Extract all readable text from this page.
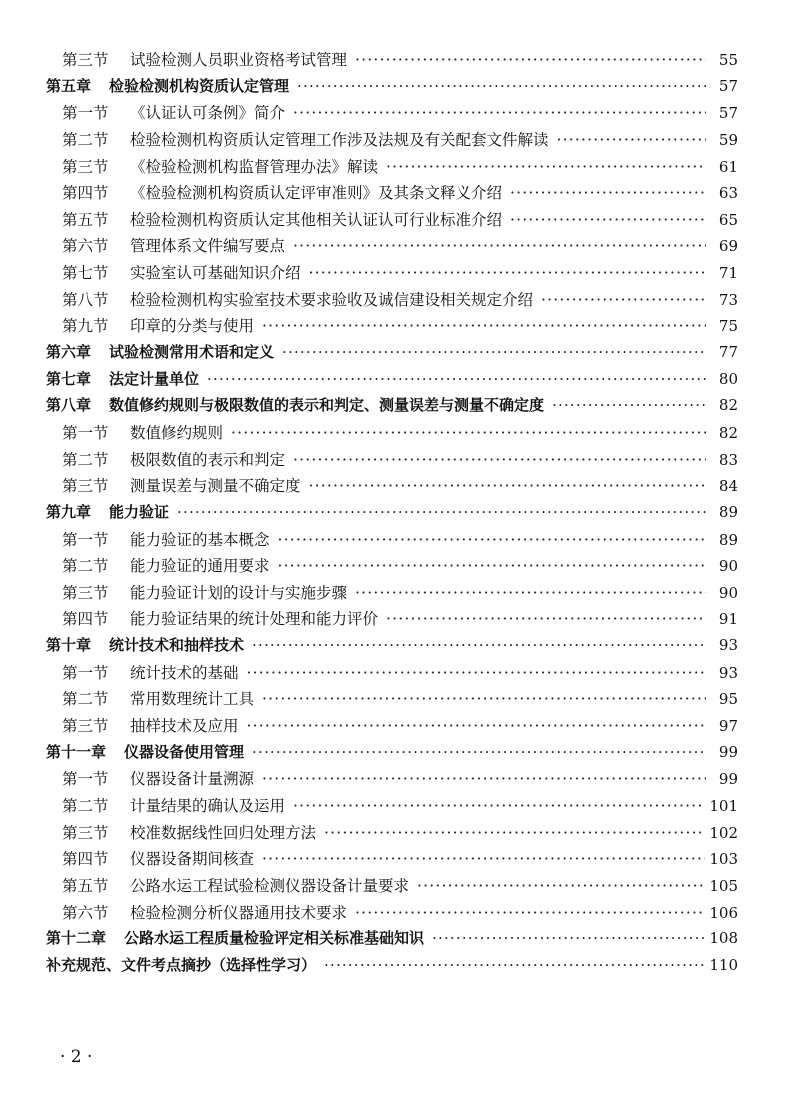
第三节	试验检测人员职业资格考试管理 ·····	55
第五章 检验检测机构资质认定管理 ·····	57
第一节	《认证认可条例》简介 ·····	57
第二节	检验检测机构资质认定管理工作涉及法规及有关配套文件解读 ·····	59
第三节	《检验检测机构监督管理办法》解读 ·····	61
第四节	《检验检测机构资质认定评审准则》及其条文释义介绍 ·····	63
第五节	检验检测机构资质认定其他相关认证认可行业标准介绍 ·····	65
第六节	管理体系文件编写要点 ·····	69
第七节	实验室认可基础知识介绍 ·····	71
第八节	检验检测机构实验室技术要求验收及诚信建设相关规定介绍 ·····	73
第九节	印章的分类与使用 ·····	75
第六章 试验检测常用术语和定义 ·····	77
第七章 法定计量单位 ·····	80
第八章 数值修约规则与极限数值的表示和判定、测量误差与测量不确定度 ·····	82
第一节	数值修约规则 ·····	82
第二节	极限数值的表示和判定 ·····	83
第三节	测量误差与测量不确定度 ·····	84
第九章 能力验证 ·····	89
第一节	能力验证的基本概念 ·····	89
第二节	能力验证的通用要求 ·····	90
第三节	能力验证计划的设计与实施步骤 ·····	90
第四节	能力验证结果的统计处理和能力评价 ·····	91
第十章 统计技术和抽样技术 ·····	93
第一节	统计技术的基础 ·····	93
第二节	常用数理统计工具 ·····	95
第三节	抽样技术及应用 ·····	97
第十一章 仪器设备使用管理 ·····	99
第一节	仪器设备计量溯源 ·····	99
第二节	计量结果的确认及运用 ·····	101
第三节	校准数据线性回归处理方法 ·····	102
第四节	仪器设备期间核查 ·····	103
第五节	公路水运工程试验检测仪器设备计量要求 ·····	105
第六节	检验检测分析仪器通用技术要求 ·····	106
第十二章 公路水运工程质量检验评定相关标准基础知识 ·····	108
补充规范、文件考点摘抄（选择性学习） ·····	110
· 2 ·
